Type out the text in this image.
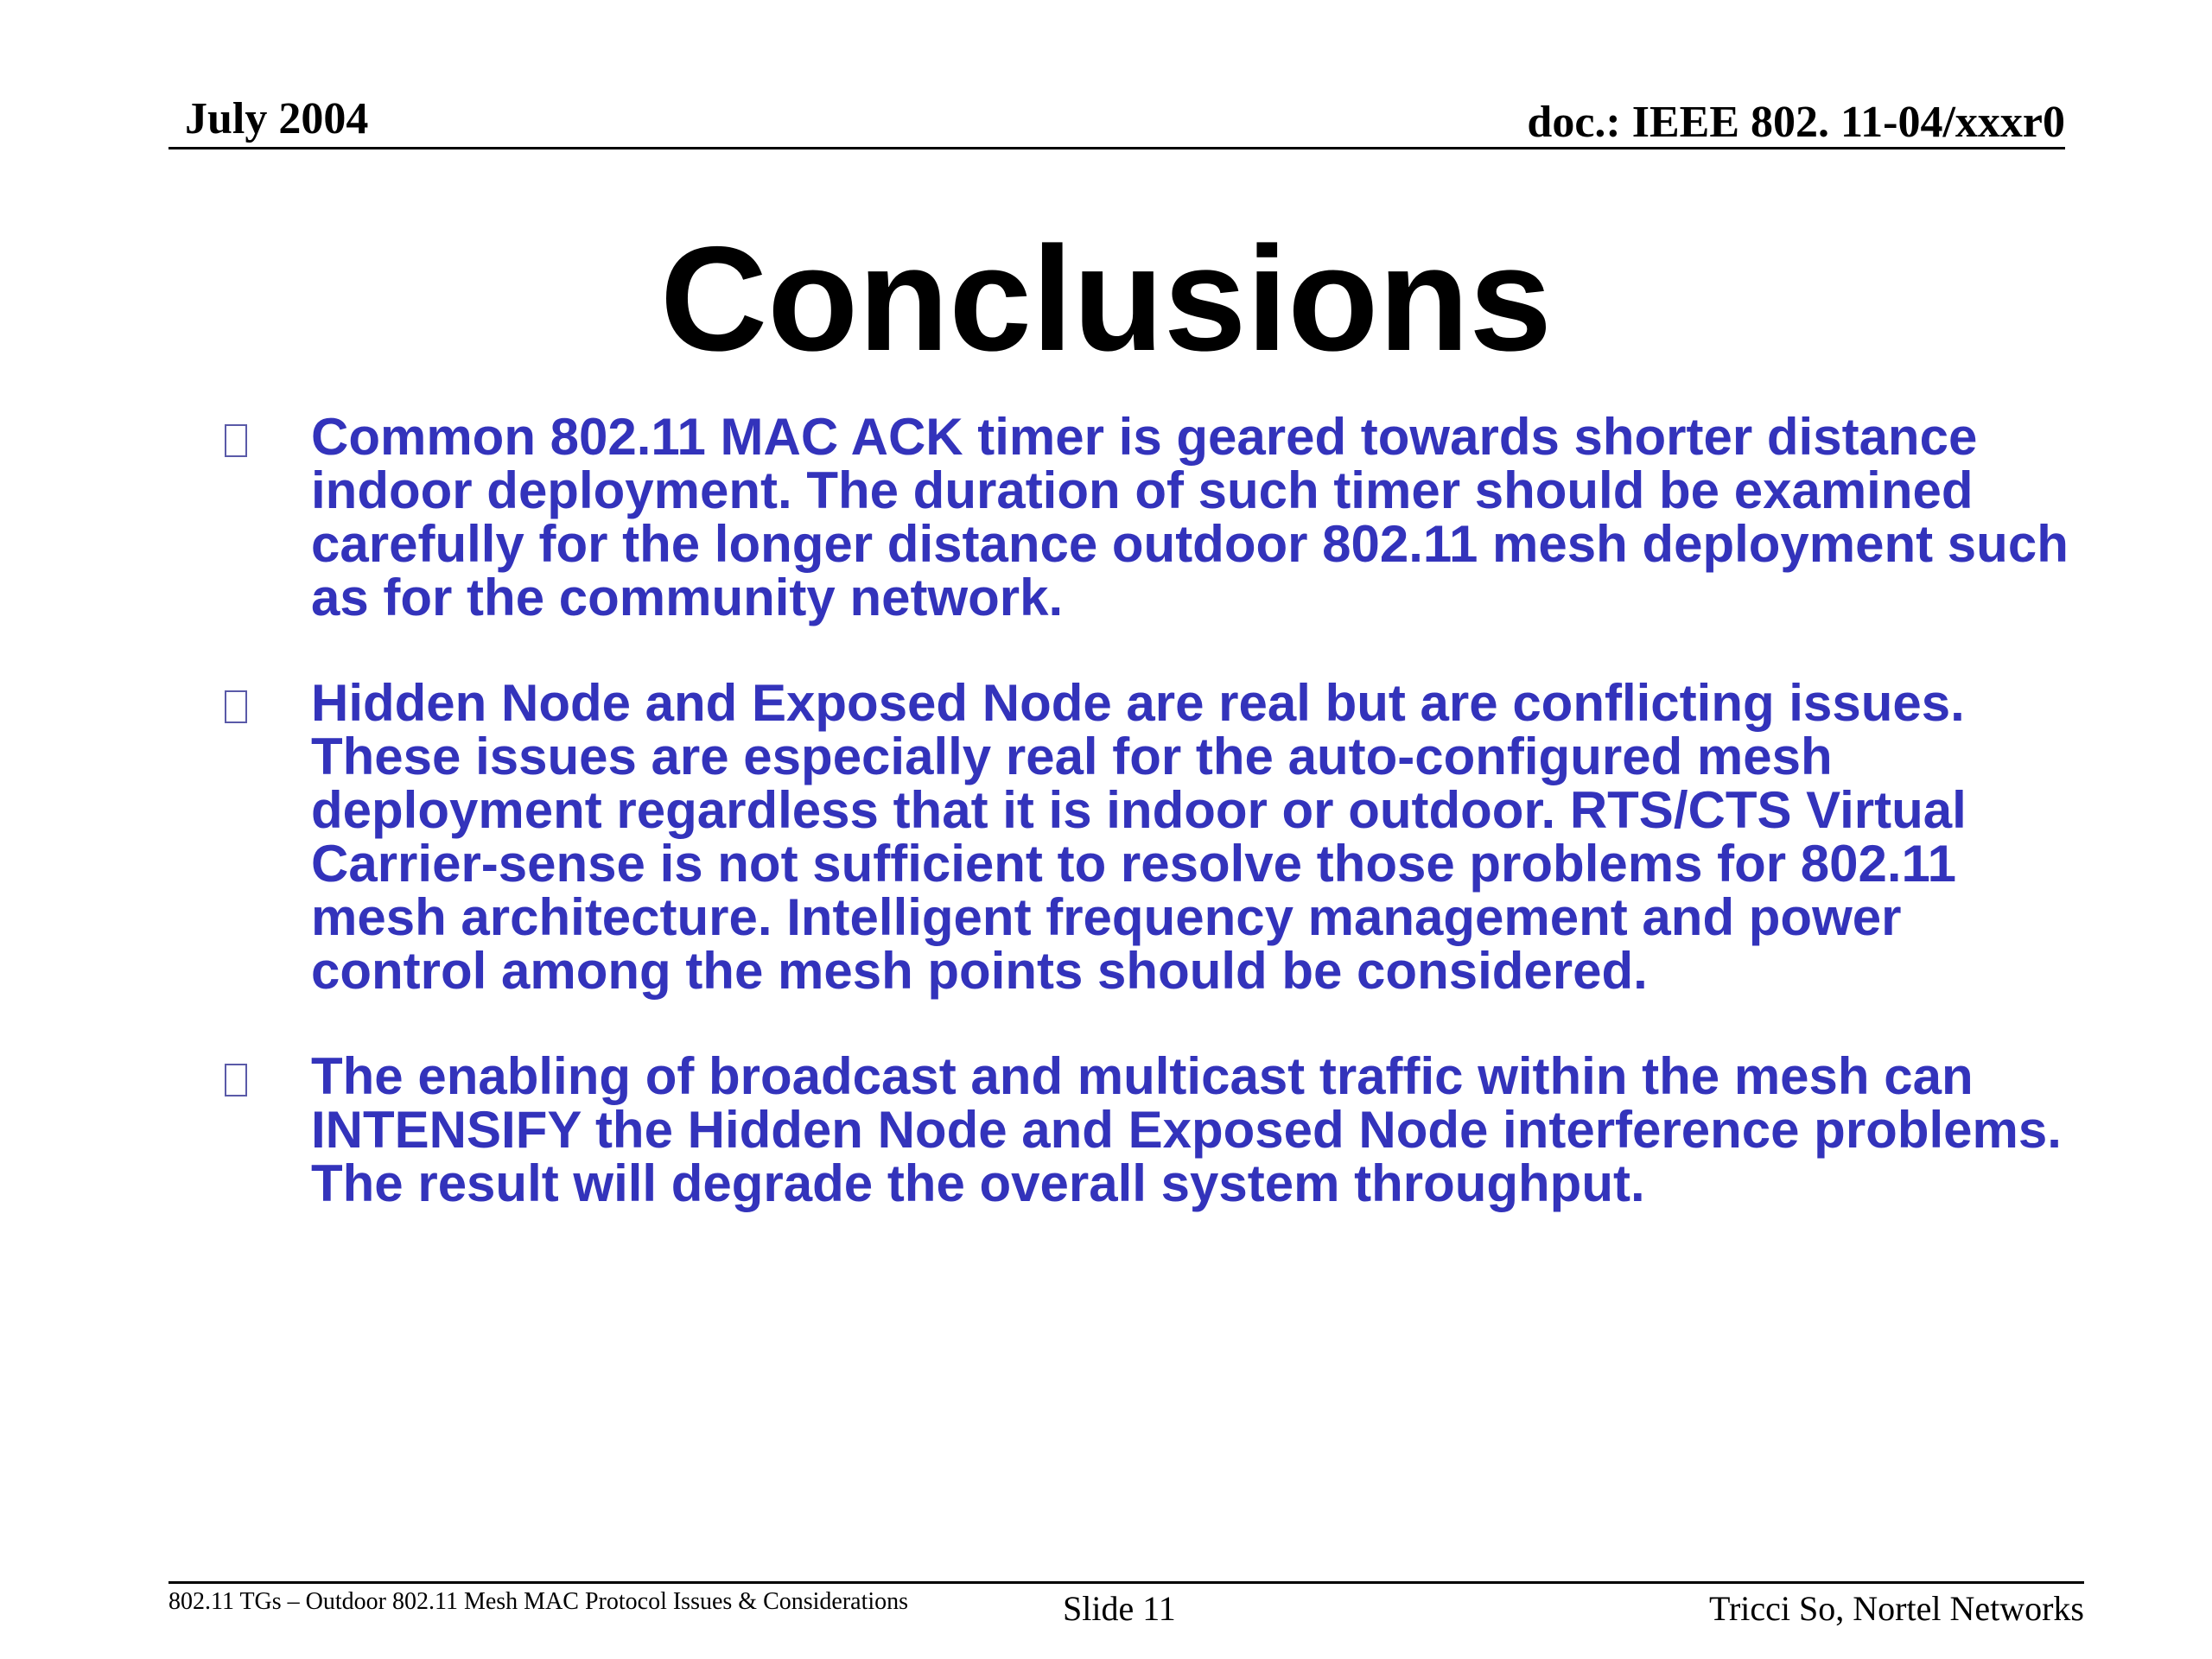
July 2004	doc.: IEEE 802. 11-04/xxxr0
Conclusions
Common 802.11 MAC ACK timer is geared towards shorter distance indoor deployment. The duration of such timer should be examined carefully for the longer distance outdoor 802.11 mesh deployment such as for the community network.
Hidden Node and Exposed Node are real but are conflicting issues. These issues are especially real for the auto-configured mesh deployment regardless that it is indoor or outdoor. RTS/CTS Virtual Carrier-sense is not sufficient to resolve those problems for 802.11 mesh architecture. Intelligent frequency management and power control among the mesh points should be considered.
The enabling of broadcast and multicast traffic within the mesh can INTENSIFY the Hidden Node and Exposed Node interference problems. The result will degrade the overall system throughput.
802.11 TGs – Outdoor 802.11 Mesh MAC Protocol Issues & Considerations	Slide 11	Tricci So, Nortel Networks
